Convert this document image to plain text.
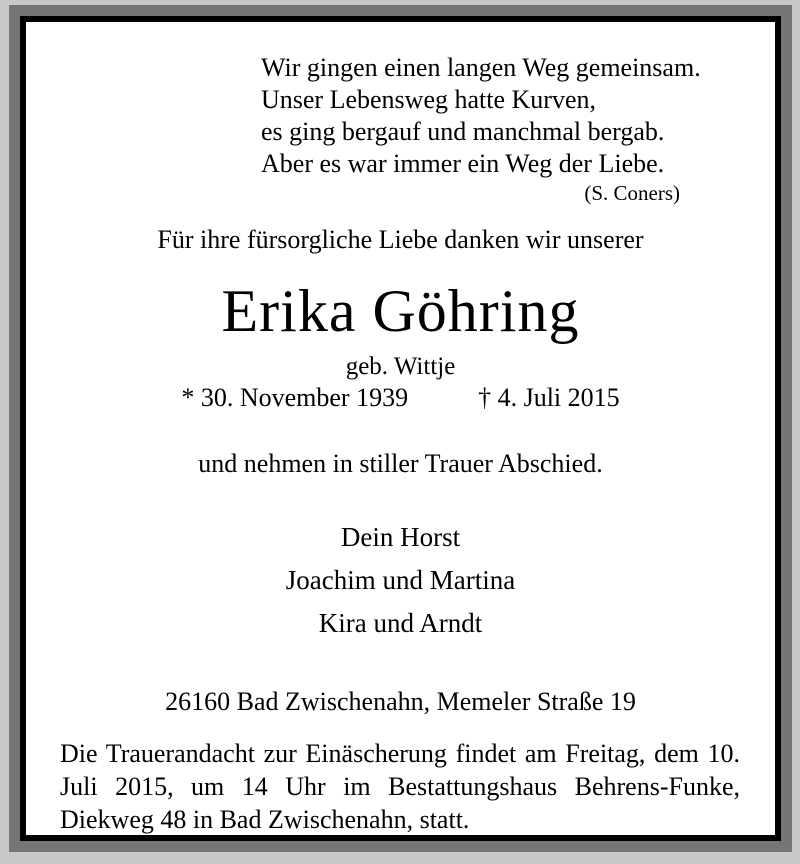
Wir gingen einen langen Weg gemeinsam.
Unser Lebensweg hatte Kurven,
es ging bergauf und manchmal bergab.
Aber es war immer ein Weg der Liebe.
(S. Coners)
Für ihre fürsorgliche Liebe danken wir unserer
Erika Göhring
geb. Wittje
* 30. November 1939	† 4. Juli 2015
und nehmen in stiller Trauer Abschied.
Dein Horst
Joachim und Martina
Kira und Arndt
26160 Bad Zwischenahn, Memeler Straße 19

Die Trauerandacht zur Einäscherung findet am Freitag, dem 10. Juli 2015, um 14 Uhr im Bestattungshaus Behrens-Funke, Diekweg 48 in Bad Zwischenahn, statt.
